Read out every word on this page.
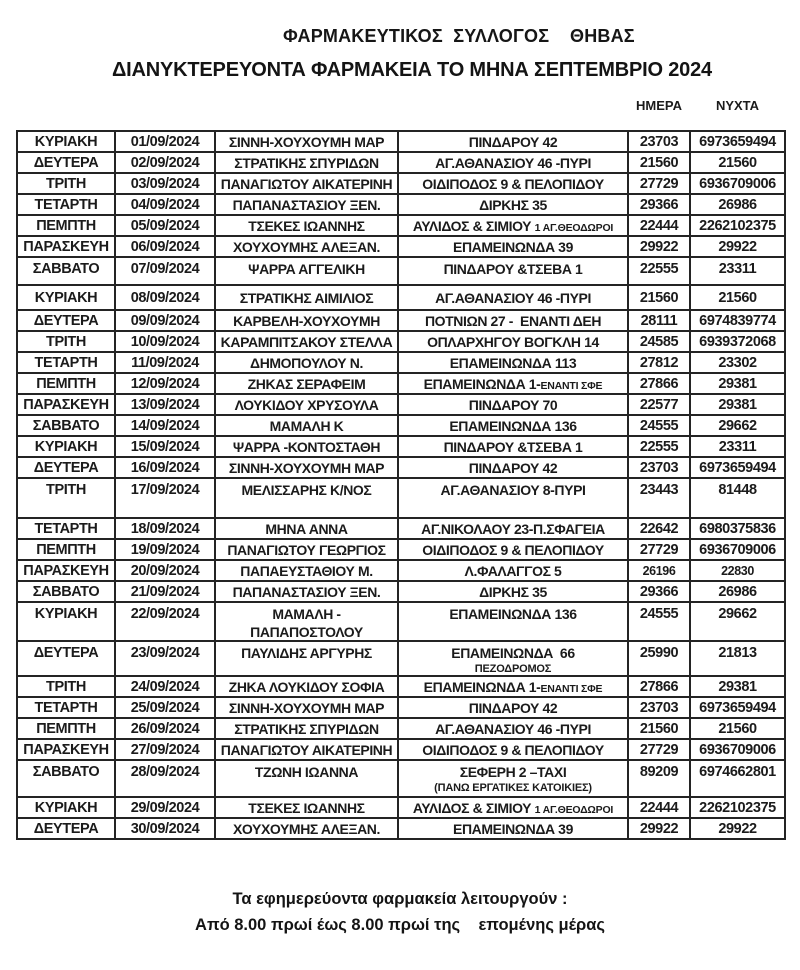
ΦΑΡΜΑΚΕΥΤΙΚΟΣ  ΣΥΛΛΟΓΟΣ    ΘΗΒΑΣ
ΔΙΑΝΥΚΤΕΡΕΥΟΝΤΑ ΦΑΡΜΑΚΕΙΑ ΤΟ ΜΗΝΑ ΣΕΠΤΕΜΒΡΙΟ 2024
ΗΜΕΡΑ	ΝΥΧΤΑ
ΚΥΡΙΑΚΗ	01/09/2024	ΣΙΝΝΗ-ΧΟΥΧΟΥΜΗ ΜΑΡ	ΠΙΝΔΑΡΟΥ 42	23703	6973659494
ΔΕΥΤΕΡΑ	02/09/2024	ΣΤΡΑΤΙΚΗΣ ΣΠΥΡΙΔΩΝ	ΑΓ.ΑΘΑΝΑΣΙΟΥ 46 -ΠΥΡΙ	21560	21560
ΤΡΙΤΗ	03/09/2024	ΠΑΝΑΓΙΩΤΟΥ ΑΙΚΑΤΕΡΙΝΗ	ΟΙΔΙΠΟΔΟΣ 9 & ΠΕΛΟΠΙΔΟΥ	27729	6936709006
ΤΕΤΑΡΤΗ	04/09/2024	ΠΑΠΑΝΑΣΤΑΣΙΟΥ ΞΕΝ.	ΔΙΡΚΗΣ 35	29366	26986
ΠΕΜΠΤΗ	05/09/2024	ΤΣΕΚΕΣ ΙΩΑΝΝΗΣ	ΑΥΛΙΔΟΣ & ΣΙΜΙΟΥ 1 ΑΓ.ΘΕΟΔΩΡΟΙ	22444	2262102375
ΠΑΡΑΣΚΕΥΗ	06/09/2024	ΧΟΥΧΟΥΜΗΣ ΑΛΕΞΑΝ.	ΕΠΑΜΕΙΝΩΝΔΑ 39	29922	29922
ΣΑΒΒΑΤΟ	07/09/2024	ΨΑΡΡΑ ΑΓΓΕΛΙΚΗ	ΠΙΝΔΑΡΟΥ &ΤΣΕΒΑ 1	22555	23311
ΚΥΡΙΑΚΗ	08/09/2024	ΣΤΡΑΤΙΚΗΣ ΑΙΜΙΛΙΟΣ	ΑΓ.ΑΘΑΝΑΣΙΟΥ 46 -ΠΥΡΙ	21560	21560
ΔΕΥΤΕΡΑ	09/09/2024	ΚΑΡΒΕΛΗ-ΧΟΥΧΟΥΜΗ	ΠΟΤΝΙΩΝ 27 -  ΕΝΑΝΤΙ ΔΕΗ	28111	6974839774
ΤΡΙΤΗ	10/09/2024	ΚΑΡΑΜΠΙΤΣΑΚΟΥ ΣΤΕΛΛΑ	ΟΠΛΑΡΧΗΓΟΥ ΒΟΓΚΛΗ 14	24585	6939372068
ΤΕΤΑΡΤΗ	11/09/2024	ΔΗΜΟΠΟΥΛΟΥ Ν.	ΕΠΑΜΕΙΝΩΝΔΑ 113	27812	23302
ΠΕΜΠΤΗ	12/09/2024	ΖΗΚΑΣ ΣΕΡΑΦΕΙΜ	ΕΠΑΜΕΙΝΩΝΔΑ 1-ΕΝΑΝΤΙ ΣΦΕ	27866	29381
ΠΑΡΑΣΚΕΥΗ	13/09/2024	ΛΟΥΚΙΔΟΥ ΧΡΥΣΟΥΛΑ	ΠΙΝΔΑΡΟΥ 70	22577	29381
ΣΑΒΒΑΤΟ	14/09/2024	ΜΑΜΑΛΗ Κ	ΕΠΑΜΕΙΝΩΝΔΑ 136	24555	29662
ΚΥΡΙΑΚΗ	15/09/2024	ΨΑΡΡΑ -ΚΟΝΤΟΣΤΑΘΗ	ΠΙΝΔΑΡΟΥ &ΤΣΕΒΑ 1	22555	23311
ΔΕΥΤΕΡΑ	16/09/2024	ΣΙΝΝΗ-ΧΟΥΧΟΥΜΗ ΜΑΡ	ΠΙΝΔΑΡΟΥ 42	23703	6973659494
ΤΡΙΤΗ	17/09/2024	ΜΕΛΙΣΣΑΡΗΣ Κ/ΝΟΣ	ΑΓ.ΑΘΑΝΑΣΙΟΥ 8-ΠΥΡΙ	23443	81448
ΤΕΤΑΡΤΗ	18/09/2024	ΜΗΝΑ ΑΝΝΑ	ΑΓ.ΝΙΚΟΛΑΟΥ 23-Π.ΣΦΑΓΕΙΑ	22642	6980375836
ΠΕΜΠΤΗ	19/09/2024	ΠΑΝΑΓΙΩΤΟΥ ΓΕΩΡΓΙΟΣ	ΟΙΔΙΠΟΔΟΣ 9 & ΠΕΛΟΠΙΔΟΥ	27729	6936709006
ΠΑΡΑΣΚΕΥΗ	20/09/2024	ΠΑΠΑΕΥΣΤΑΘΙΟΥ Μ.	Λ.ΦΑΛΑΓΓΟΣ 5	26196	22830
ΣΑΒΒΑΤΟ	21/09/2024	ΠΑΠΑΝΑΣΤΑΣΙΟΥ ΞΕΝ.	ΔΙΡΚΗΣ 35	29366	26986
ΚΥΡΙΑΚΗ	22/09/2024	ΜΑΜΑΛΗ -
ΠΑΠΑΠΟΣΤΟΛΟΥ	ΕΠΑΜΕΙΝΩΝΔΑ 136	24555	29662
ΔΕΥΤΕΡΑ	23/09/2024	ΠΑΥΛΙΔΗΣ ΑΡΓΥΡΗΣ	ΕΠΑΜΕΙΝΩΝΔΑ  66
ΠΕΖΟΔΡΟΜΟΣ	25990	21813
ΤΡΙΤΗ	24/09/2024	ΖΗΚΑ ΛΟΥΚΙΔΟΥ ΣΟΦΙΑ	ΕΠΑΜΕΙΝΩΝΔΑ 1-ΕΝΑΝΤΙ ΣΦΕ	27866	29381
ΤΕΤΑΡΤΗ	25/09/2024	ΣΙΝΝΗ-ΧΟΥΧΟΥΜΗ ΜΑΡ	ΠΙΝΔΑΡΟΥ 42	23703	6973659494
ΠΕΜΠΤΗ	26/09/2024	ΣΤΡΑΤΙΚΗΣ ΣΠΥΡΙΔΩΝ	ΑΓ.ΑΘΑΝΑΣΙΟΥ 46 -ΠΥΡΙ	21560	21560
ΠΑΡΑΣΚΕΥΗ	27/09/2024	ΠΑΝΑΓΙΩΤΟΥ ΑΙΚΑΤΕΡΙΝΗ	ΟΙΔΙΠΟΔΟΣ 9 & ΠΕΛΟΠΙΔΟΥ	27729	6936709006
ΣΑΒΒΑΤΟ	28/09/2024	ΤΖΩΝΗ ΙΩΑΝΝΑ	ΣΕΦΕΡΗ 2 –ΤΑΧΙ
(ΠΑΝΩ ΕΡΓΑΤΙΚΕΣ ΚΑΤΟΙΚΙΕΣ)	89209	6974662801
ΚΥΡΙΑΚΗ	29/09/2024	ΤΣΕΚΕΣ ΙΩΑΝΝΗΣ	ΑΥΛΙΔΟΣ & ΣΙΜΙΟΥ 1 ΑΓ.ΘΕΟΔΩΡΟΙ	22444	2262102375
ΔΕΥΤΕΡΑ	30/09/2024	ΧΟΥΧΟΥΜΗΣ ΑΛΕΞΑΝ.	ΕΠΑΜΕΙΝΩΝΔΑ 39	29922	29922
Τα εφημερεύοντα φαρμακεία λειτουργούν :
Από 8.00 πρωί έως 8.00 πρωί της    επομένης μέρας
